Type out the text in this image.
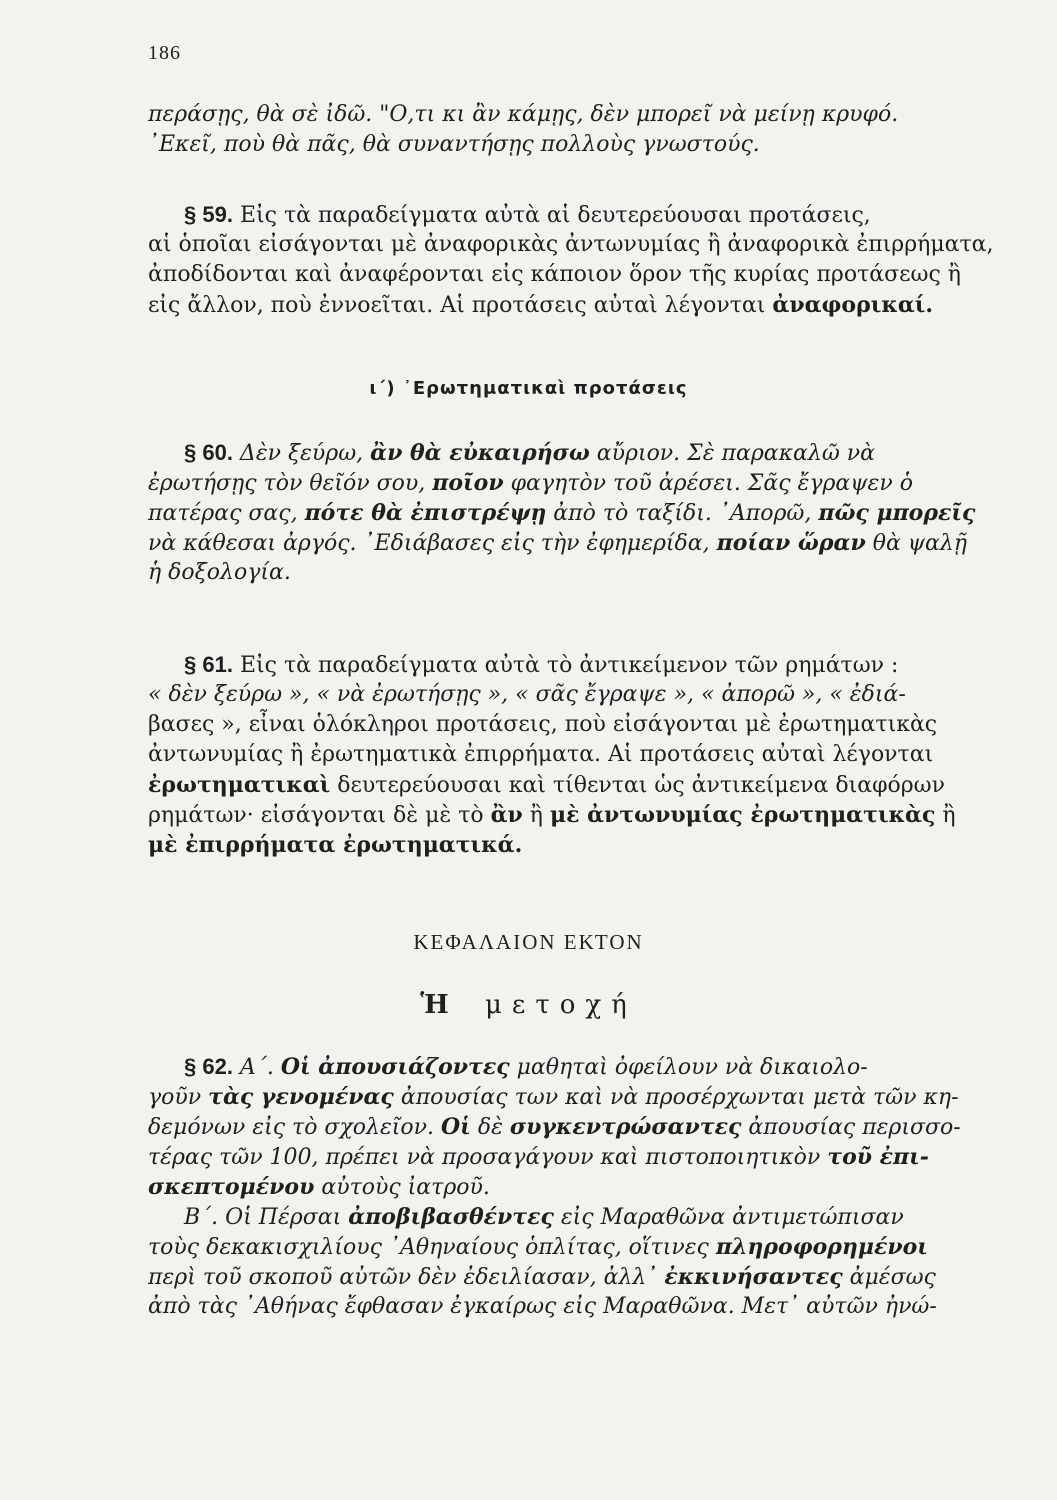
186
περάσῃς, θὰ σὲ ἰδῶ. "Ο,τι κι ἂν κάμῃς, δὲν μπορεῖ νὰ μείνῃ κρυφό.
᾽Εκεῖ, ποὺ θὰ πᾶς, θὰ συναντήσῃς πολλοὺς γνωστούς.
§ 59. Εἰς τὰ παραδείγματα αὐτὰ αἱ δευτερεύουσαι προτάσεις,
αἱ ὁποῖαι εἰσάγονται μὲ ἀναφορικὰς ἀντωνυμίας ἢ ἀναφορικὰ ἐπιρρήματα,
ἀποδίδονται καὶ ἀναφέρονται εἰς κάποιον ὅρον τῆς κυρίας προτάσεως ἢ
εἰς ἄλλον, ποὺ ἐννοεῖται. Αἱ προτάσεις αὐταὶ λέγονται ἀναφορικαί.
ι΄) ᾽Ερωτηματικαὶ προτάσεις
§ 60. Δὲν ξεύρω, ἂν θὰ εὐκαιρήσω αὔριον. Σὲ παρακαλῶ νὰ
ἐρωτήσῃς τὸν θεῖόν σου, ποῖον φαγητὸν τοῦ ἀρέσει. Σᾶς ἔγραψεν ὁ
πατέρας σας, πότε θὰ ἐπιστρέψῃ ἀπὸ τὸ ταξίδι. ᾽Απορῶ, πῶς μπορεῖς
νὰ κάθεσαι ἀργός. ᾽Εδιάβασες εἰς τὴν ἐφημερίδα, ποίαν ὥραν θὰ ψαλῇ
ἡ δοξολογία.
§ 61. Εἰς τὰ παραδείγματα αὐτὰ τὸ ἀντικείμενον τῶν ρημάτων :
« δὲν ξεύρω », « νὰ ἐρωτήσῃς », « σᾶς ἔγραψε », « ἀπορῶ », « ἐδιά-
βασες », εἶναι ὁλόκληροι προτάσεις, ποὺ εἰσάγονται μὲ ἐρωτηματικὰς
ἀντωνυμίας ἢ ἐρωτηματικὰ ἐπιρρήματα. Αἱ προτάσεις αὐταὶ λέγονται
ἐρωτηματικαὶ δευτερεύουσαι καὶ τίθενται ὡς ἀντικείμενα διαφόρων
ρημάτων· εἰσάγονται δὲ μὲ τὸ ἂν ἢ μὲ ἀντωνυμίας ἐρωτηματικὰς ἢ
μὲ ἐπιρρήματα ἐρωτηματικά.
ΚΕΦΑΛΑΙΟΝ ΕΚΤΟΝ
Ἡ μετοχή
§ 62. Α΄. Οἱ ἀπουσιάζοντες μαθηταὶ ὀφείλουν νὰ δικαιολο-
γοῦν τὰς γενομένας ἀπουσίας των καὶ νὰ προσέρχωνται μετὰ τῶν κη-
δεμόνων εἰς τὸ σχολεῖον. Οἱ δὲ συγκεντρώσαντες ἀπουσίας περισσο-
τέρας τῶν 100, πρέπει νὰ προσαγάγουν καὶ πιστοποιητικὸν τοῦ ἐπι-
σκεπτομένου αὐτοὺς ἰατροῦ.
Β΄. Οἱ Πέρσαι ἀποβιβασθέντες εἰς Μαραθῶνα ἀντιμετώπισαν
τοὺς δεκακισχιλίους ᾽Αθηναίους ὁπλίτας, οἵτινες πληροφορημένοι
περὶ τοῦ σκοποῦ αὐτῶν δὲν ἐδειλίασαν, ἀλλ᾽ ἐκκινήσαντες ἀμέσως
ἀπὸ τὰς ᾽Αθήνας ἔφθασαν ἐγκαίρως εἰς Μαραθῶνα. Μετ᾽ αὐτῶν ἠνώ-
